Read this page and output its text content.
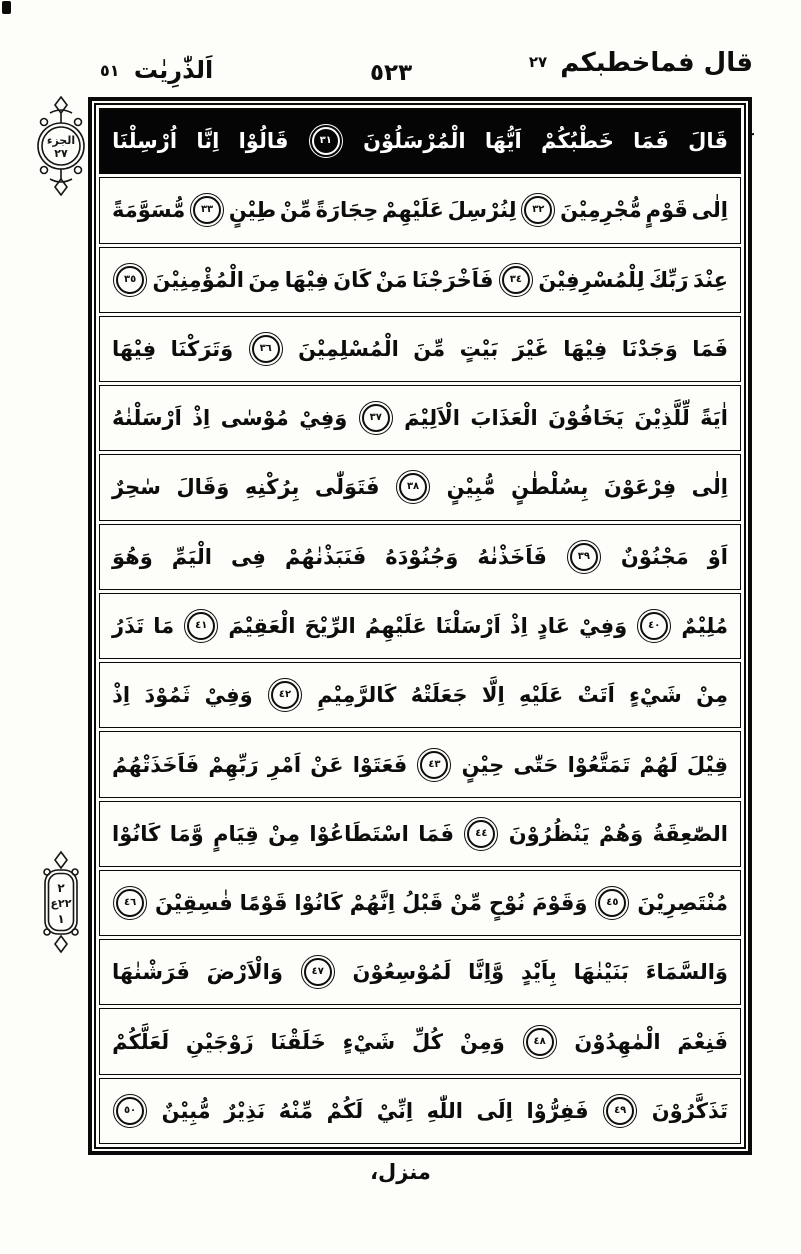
قال فماخطبكم ٢٧
٥٢٣
اَلذّٰرِيٰت ٥١
الجزء
٢٧
٢
٢٢ع
١
قَالَ
فَمَا
خَطْبُكُمْ
اَيُّهَا
الْمُرْسَلُوْنَ
٣١
قَالُوْا
اِنَّا
اُرْسِلْنَا
اِلٰى
قَوْمٍ
مُّجْرِمِيْنَ
٣٢
لِنُرْسِلَ
عَلَيْهِمْ
حِجَارَةً
مِّنْ
طِيْنٍ
٣٣
مُّسَوَّمَةً
عِنْدَ
رَبِّكَ
لِلْمُسْرِفِيْنَ
٣٤
فَاَخْرَجْنَا
مَنْ
كَانَ
فِيْهَا
مِنَ
الْمُؤْمِنِيْنَ
٣٥
فَمَا
وَجَدْنَا
فِيْهَا
غَيْرَ
بَيْتٍ
مِّنَ
الْمُسْلِمِيْنَ
٣٦
وَتَرَكْنَا
فِيْهَا
اٰيَةً
لِّلَّذِيْنَ
يَخَافُوْنَ
الْعَذَابَ
الْاَلِيْمَ
٣٧
وَفِيْ
مُوْسٰى
اِذْ
اَرْسَلْنٰهُ
اِلٰى
فِرْعَوْنَ
بِسُلْطٰنٍ
مُّبِيْنٍ
٣٨
فَتَوَلّٰى
بِرُكْنِهِ
وَقَالَ
سٰحِرٌ
اَوْ
مَجْنُوْنٌ
٣٩
فَاَخَذْنٰهُ
وَجُنُوْدَهُ
فَنَبَذْنٰهُمْ
فِى
الْيَمِّ
وَهُوَ
مُلِيْمٌ
٤٠
وَفِيْ
عَادٍ
اِذْ
اَرْسَلْنَا
عَلَيْهِمُ
الرِّيْحَ
الْعَقِيْمَ
٤١
مَا
تَذَرُ
مِنْ
شَيْءٍ
اَتَتْ
عَلَيْهِ
اِلَّا
جَعَلَتْهُ
كَالرَّمِيْمِ
٤٢
وَفِيْ
ثَمُوْدَ
اِذْ
قِيْلَ
لَهُمْ
تَمَتَّعُوْا
حَتّٰى
حِيْنٍ
٤٣
فَعَتَوْا
عَنْ
اَمْرِ
رَبِّهِمْ
فَاَخَذَتْهُمُ
الصّٰعِقَةُ
وَهُمْ
يَنْظُرُوْنَ
٤٤
فَمَا
اسْتَطَاعُوْا
مِنْ
قِيَامٍ
وَّمَا
كَانُوْا
مُنْتَصِرِيْنَ
٤٥
وَقَوْمَ
نُوْحٍ
مِّنْ
قَبْلُ
اِنَّهُمْ
كَانُوْا
قَوْمًا
فٰسِقِيْنَ
٤٦
وَالسَّمَاءَ
بَنَيْنٰهَا
بِاَيْدٍ
وَّاِنَّا
لَمُوْسِعُوْنَ
٤٧
وَالْاَرْضَ
فَرَشْنٰهَا
فَنِعْمَ
الْمٰهِدُوْنَ
٤٨
وَمِنْ
كُلِّ
شَيْءٍ
خَلَقْنَا
زَوْجَيْنِ
لَعَلَّكُمْ
تَذَكَّرُوْنَ
٤٩
فَفِرُّوْا
اِلَى
اللّٰهِ
اِنِّيْ
لَكُمْ
مِّنْهُ
نَذِيْرٌ
مُّبِيْنٌ
٥٠
منزل،
